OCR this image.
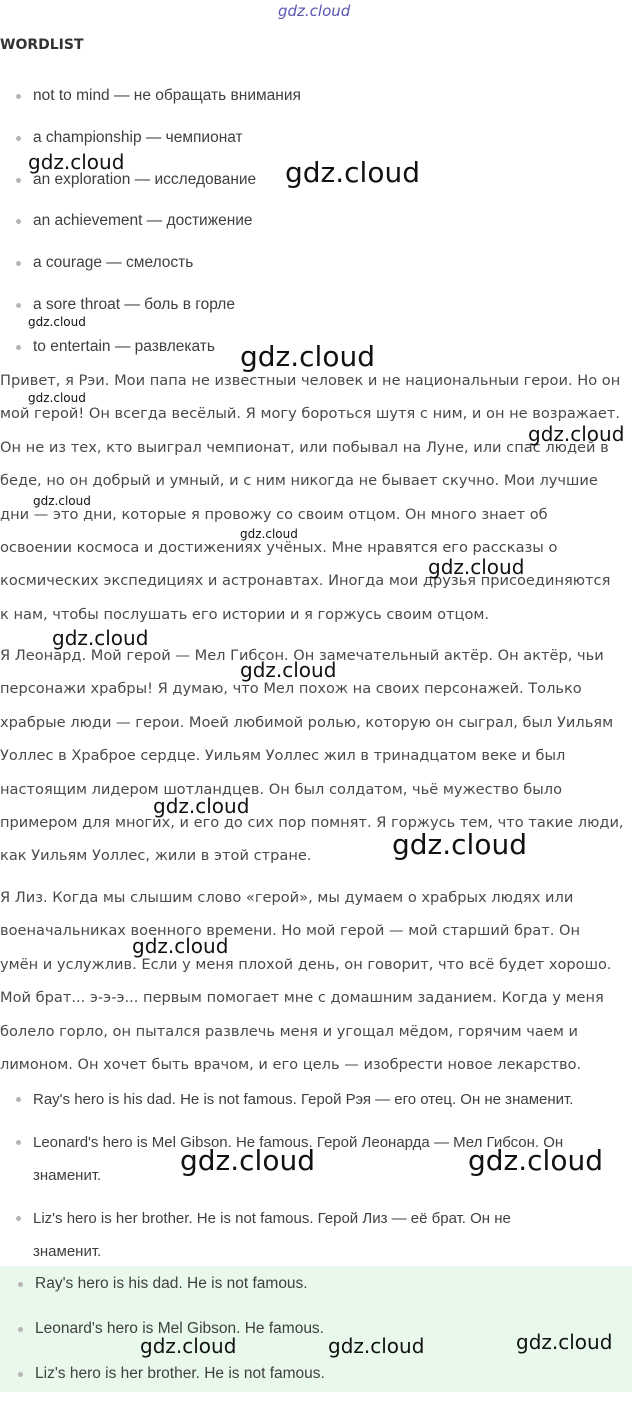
gdz.cloud
WORDLIST
not to mind — не обращать внимания
a championship — чемпионат
an exploration — исследование
an achievement — достижение
a courage — смелость
a sore throat — боль в горле
to entertain — развлекать
Привет, я Рэи. Мои папа не известныи человек и не национальныи герои. Но он
мой герой! Он всегда весёлый. Я могу бороться шутя с ним, и он не возражает.
Он не из тех, кто выиграл чемпионат, или побывал на Луне, или спас людей в
беде, но он добрый и умный, и с ним никогда не бывает скучно. Мои лучшие
дни — это дни, которые я провожу со своим отцом. Он много знает об
освоении космоса и достижениях учёных. Мне нравятся его рассказы о
космических экспедициях и астронавтах. Иногда мои друзья присоединяются
к нам, чтобы послушать его истории и я горжусь своим отцом.
Я Леонард. Мой герой — Мел Гибсон. Он замечательный актёр. Он актёр, чьи
персонажи храбры! Я думаю, что Мел похож на своих персонажей. Только
храбрые люди — герои. Моей любимой ролью, которую он сыграл, был Уильям
Уоллес в Храброе сердце. Уильям Уоллес жил в тринадцатом веке и был
настоящим лидером шотландцев. Он был солдатом, чьё мужество было
примером для многих, и его до сих пор помнят. Я горжусь тем, что такие люди,
как Уильям Уоллес, жили в этой стране.
Я Лиз. Когда мы слышим слово «герой», мы думаем о храбрых людях или
военачальниках военного времени. Но мой герой — мой старший брат. Он
умён и услужлив. Если у меня плохой день, он говорит, что всё будет хорошо.
Мой брат... э-э-э... первым помогает мне с домашним заданием. Когда у меня
болело горло, он пытался развлечь меня и угощал мёдом, горячим чаем и
лимоном. Он хочет быть врачом, и его цель — изобрести новое лекарство.
Ray's hero is his dad. He is not famous. Герой Рэя — его отец. Он не знаменит.
Leonard's hero is Mel Gibson. He famous. Герой Леонарда — Мел Гибсон. Он
знаменит.
Liz's hero is her brother. He is not famous. Герой Лиз — её брат. Он не
знаменит.
Ray's hero is his dad. He is not famous.
Leonard's hero is Mel Gibson. He famous.
Liz's hero is her brother. He is not famous.
gdz.cloud	gdz.cloud
gdz.cloud
gdz.cloud
gdz.cloud
gdz.cloud
gdz.cloud
gdz.cloud
gdz.cloud
gdz.cloud
gdz.cloud
gdz.cloud
gdz.cloud
gdz.cloud
gdz.cloud	gdz.cloud
gdz.cloud	gdz.cloud	gdz.cloud
